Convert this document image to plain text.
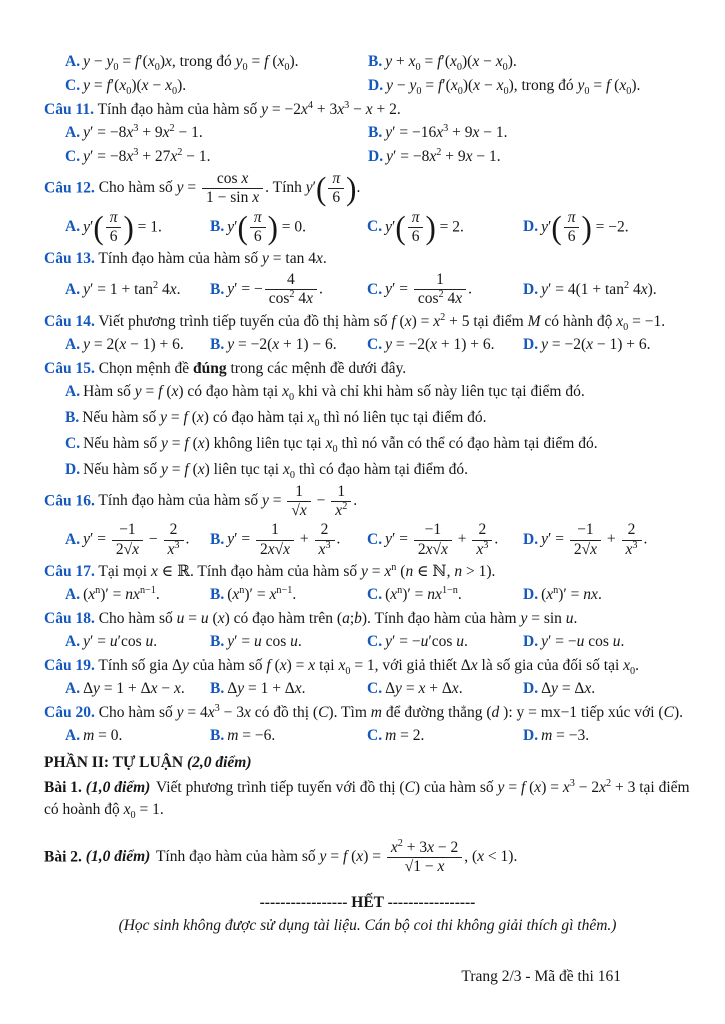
A. $y - y_0 = f'(x_0)x$, trong đó $y_0 = f$ $(x_0)$.	B. $y + x_0 = f'(x_0)(x - x_0)$.
C. $y = f'(x_0)(x - x_0)$.	D. $y - y_0 = f'(x_0)(x - x_0)$, trong đó $y_0 = f$ $(x_0)$.
Câu 11. Tính đạo hàm của hàm số $y = -2x^4 + 3x^3 - x + 2$.
A. $y' = -8x^3 + 9x^2 - 1$.	B. $y' = -16x^3 + 9x - 1$.
C. $y' = -8x^3 + 27x^2 - 1$.	D. $y' = -8x^2 + 9x - 1$.
Câu 12. Cho hàm số $y = \frac{\text{cos x}}{\text{1 − sin x}}$ . Tính $y'( \frac{\pi}{6}$ ).
A. $y'( \frac{\pi}{6}$ ) = 1.	B. $y'( \frac{\pi}{6}$ ) = 0.	C. $y'( \frac{\pi}{6}$ ) = 2.	D. $y'( \frac{\pi}{6}$ ) = −2.
Câu 13. Tính đạo hàm của hàm số y = tan 4x.
A. $y' = 1 + \tan^2 4x$. B. y′ = − $\frac{4}{\cos^2 4x}$ .	C. $y' = \frac{1}{\cos^2 4x}$ .	D. $y' = 4(1 + \tan^2 4x)$.
Câu 14. Viết phương trình tiếp tuyến của đồ thị hàm số f $(x) = x^2 + 5$ tại điểm M có hành độ $x_0 = -1$.
A. y = 2(x − 1) + 6. B. y = −2(x + 1) − 6. C. y = −2(x + 1) + 6. D. y = −2(x − 1) + 6.
Câu 15. Chọn mệnh đề đúng trong các mệnh đề dưới đây.
A. Hàm số y = f (x) có đạo hàm tại $x_0$ khi và chỉ khi hàm số này liên tục tại điểm đó.
B. Nếu hàm số y = f (x) có đạo hàm tại $x_0$ thì nó liên tục tại điểm đó.
C. Nếu hàm số y = f (x) không liên tục tại $x_0$ thì nó vẫn có thể có đạo hàm tại điểm đó.
D. Nếu hàm số y = f (x) liên tục tại $x_0$ thì có đạo hàm tại điểm đó.
Câu 16. Tính đạo hàm của hàm số $y = \frac{1}{√x} - \frac{1}{x^2}$ .
A. $y' = \frac{-1}{2√x} - \frac{2}{x^3}$ . B. $y' = \frac{1}{2x√x} + \frac{2}{x^3}$ . C. $y' = \frac{-1}{2x√x} + \frac{2}{x^3}$ . D. $y' = \frac{-1}{2√x} + \frac{2}{x^3}$ .
Câu 17. Tại mọi x ∈ ℝ. Tính đạo hàm của hàm số $y = x^n$ (n ∈ ℕ, n > 1).
A. $(x^n)' = nx^{n-1}$.	B. $(x^n)' = x^{n-1}$.	C. $(x^n)' = nx^{1-n}$.	D. $(x^n)'$ = nx.
Câu 18. Cho hàm số u = u (x) có đạo hàm trên (a;b). Tính đạo hàm của hàm y = sin u.
A. y′ = u′cos u.	B. y′ = u cos u.	C. y′ = −u′cos u.	D. y′ = −u cos u.
Câu 19. Tính số gia Δy của hàm số f (x) = x tại $x_0 = 1$, với giả thiết Δx là số gia của đối số tại $x_0$.
A. Δy = 1 + Δx − x. B. Δy = 1 + Δx.	C. Δy = x + Δx.	D. Δy = Δx.
Câu 20. Cho hàm số $y = 4x^3 - 3x$ có đồ thị (C). Tìm m để đường thẳng (d ): y = mx−1 tiếp xúc với (C).
A. m = 0.	B. m = −6.	C. m = 2.	D. m = −3.
PHẦN II: TỰ LUẬN (2,0 điểm)
Bài 1. (1,0 điểm) Viết phương trình tiếp tuyến với đồ thị (C) của hàm số y = f $(x) = x^3 - 2x^2 + 3$ tại điểm có hoành độ $x_0 = 1$.
Bài 2. (1,0 điểm) Tính đạo hàm của hàm số y = f $(x) = \frac{x^2 + 3x - 2}{√1 - x}$ , (x < 1).
----------------- HẾT -----------------
(Học sinh không được sử dụng tài liệu. Cán bộ coi thi không giải thích gì thêm.)
Trang 2/3 - Mã đề thi 161
